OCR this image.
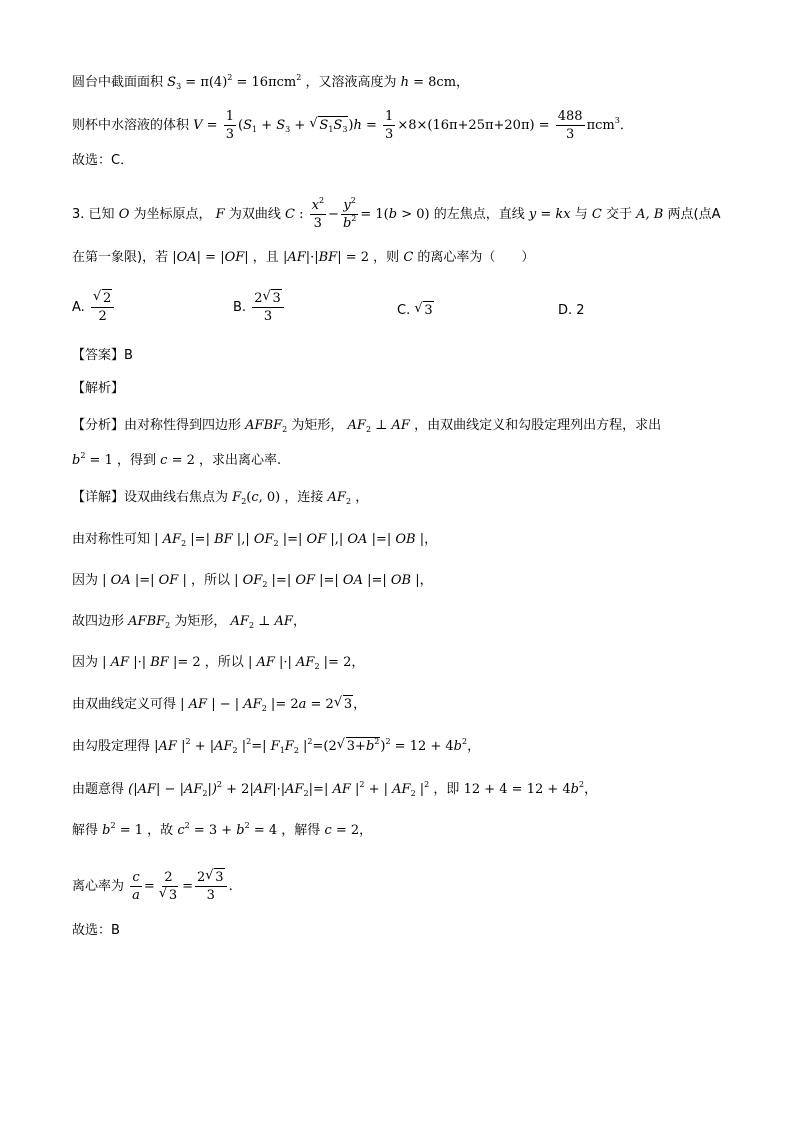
圆台中截面面积 $S_3 = \pi(4)^2 = 16\pi cm^2$ ，又溶液高度为 h = 8cm，
则杯中水溶液的体积 $V = \frac{1}{3} (S_1 + S_3$ + √ $S_1S_3)h = \frac{1}{3} \times 8\times(16\pi+25\pi+20\pi) = \frac{488}{3} \pi cm^3$．
故选：C．
3. 已知 O 为坐标原点， F 为双曲线 C : $\frac{x^2}{3} - \frac{y^2}{b^2} = 1(b > 0)$ 的左焦点，直线 y = kx 与 C 交于 A, B 两点(点A
在第一象限)，若 |OA| = |OF| ，且 |AF|·|BF| = 2 ，则 C 的离心率为（　　）
A.
√ $\frac{2}{2}$	B. $\frac{2√ 3}{3}$	C. √ 3	D. 2
【答案】B
【解析】
【分析】由对称性得到四边形 $AFBF_2$ 为矩形， $AF_2$ ⊥ AF ，由双曲线定义和勾股定理列出方程，求出
$b^2 = 1$ ，得到 c = 2 ，求出离心率.
【详解】设双曲线右焦点为 $F_2(c$, 0) ，连接 $AF_2$ ，
由对称性可知 | $AF_2$ |=| BF |,| $OF_2$ |=| OF |,| OA |=| OB |，
因为 | OA |=| OF | ，所以 | $OF_2$ |=| OF |=| OA |=| OB |，
故四边形 $AFBF_2$ 为矩形， $AF_2$ ⊥ AF，
因为 | AF |·| BF |= 2 ，所以 | AF |·| $AF_2$ |= 2，
由双曲线定义可得 | AF | − | $AF_2$ |= 2a = 2√ 3，
由勾股定理得 |AF $|^2 + |AF_2$ $|^2=|$ $F_1F_2$ $|^2=(2√$ $3+b^2)^2 = 12 + 4b^2$，
由题意得 $(|AF| - |AF_2|)^2 + 2|AF|\cdot|AF_2|=|$ AF $|^2$ + | $AF_2$ $|^2$ ，即 $12 + 4 = 12 + 4b^2$，
解得 $b^2 = 1$ ，故 $c^2 = 3 + b^2 = 4$ ，解得 c = 2，
离心率为 $\frac{c}{a} = 2$
√ $3 = \frac{2√ 3}{3}$ .
故选：B
